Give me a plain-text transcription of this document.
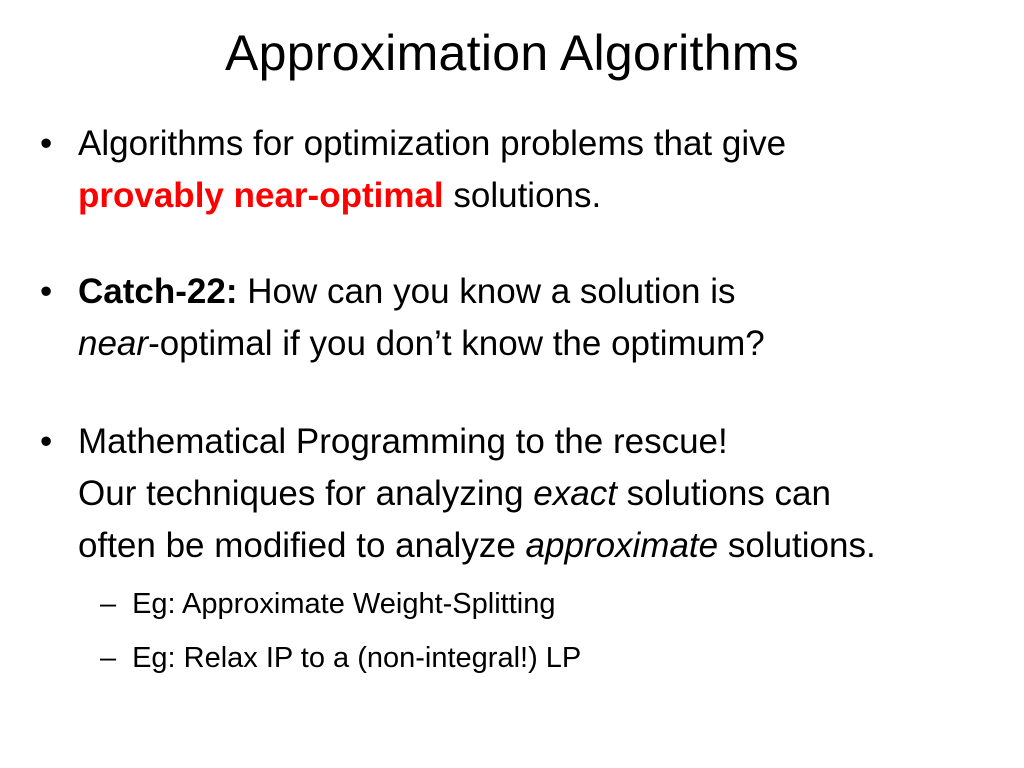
Approximation Algorithms
• Algorithms for optimization problems that give
provably near-optimal solutions.
• Catch-22: How can you know a solution is
near-optimal if you don’t know the optimum?
• Mathematical Programming to the rescue!
Our techniques for analyzing exact solutions can
often be modified to analyze approximate solutions.
– Eg: Approximate Weight-Splitting
– Eg: Relax IP to a (non-integral!) LP
